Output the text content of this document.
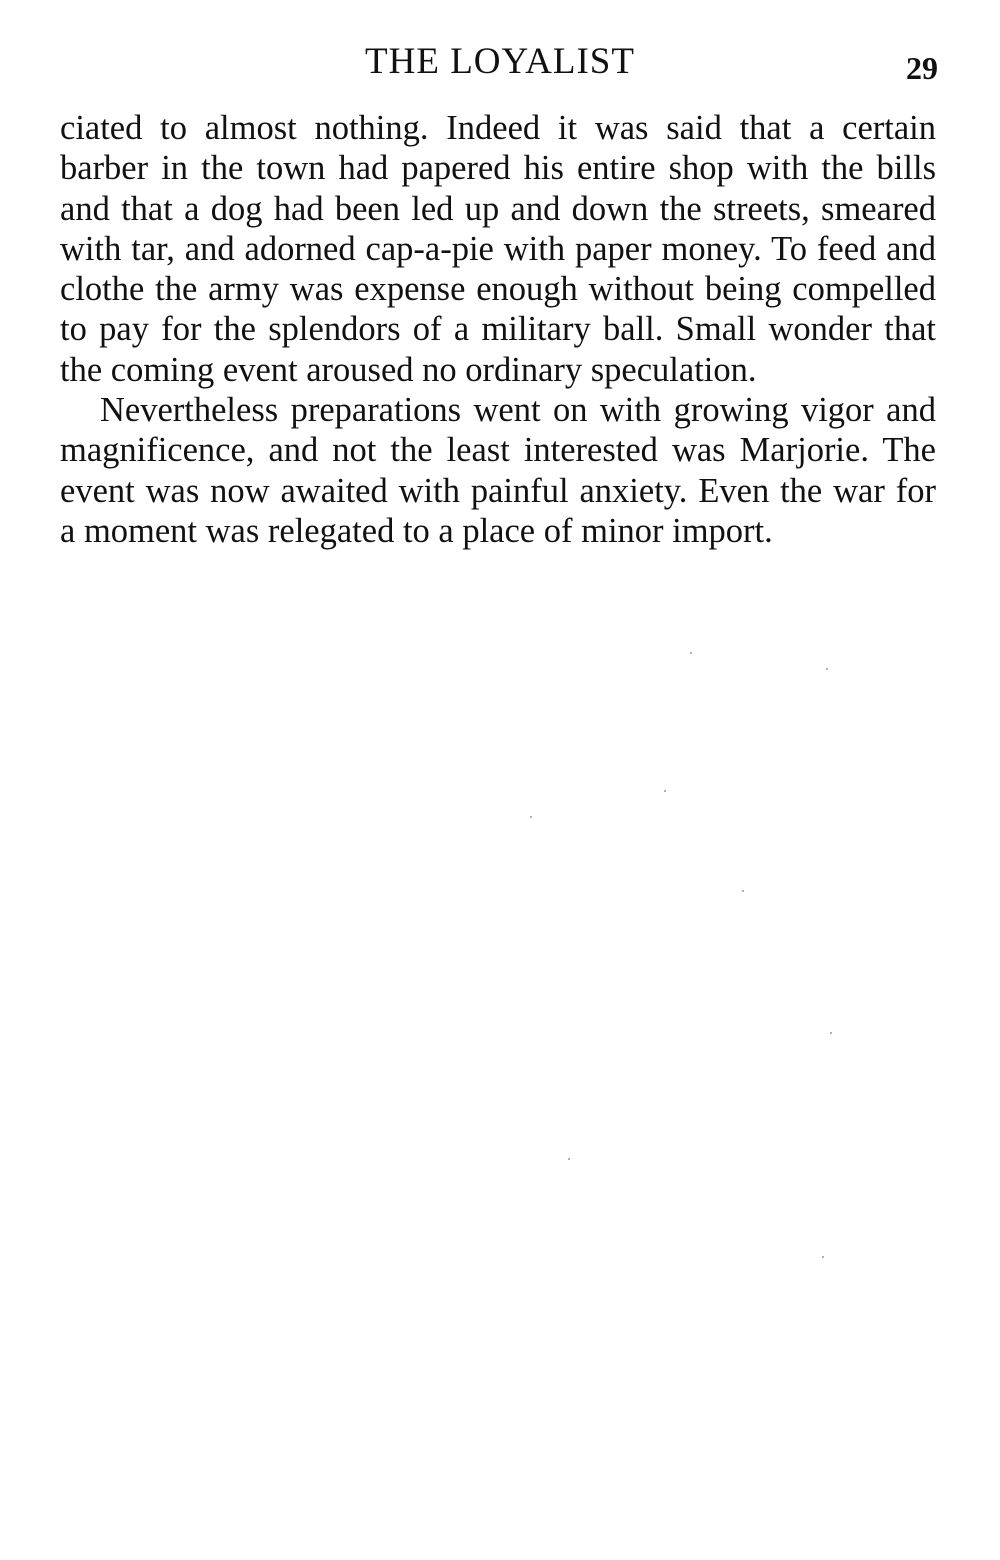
THE LOYALIST	29

ciated to almost nothing. Indeed it was said that a certain barber in the town had papered his entire shop with the bills and that a dog had been led up and down the streets, smeared with tar, and adorned cap-a-pie with paper money. To feed and clothe the army was expense enough without being compelled to pay for the splendors of a military ball. Small wonder that the coming event aroused no ordinary speculation.

Nevertheless preparations went on with growing vigor and magnificence, and not the least interested was Marjorie. The event was now awaited with painful anxiety. Even the war for a moment was relegated to a place of minor import.
